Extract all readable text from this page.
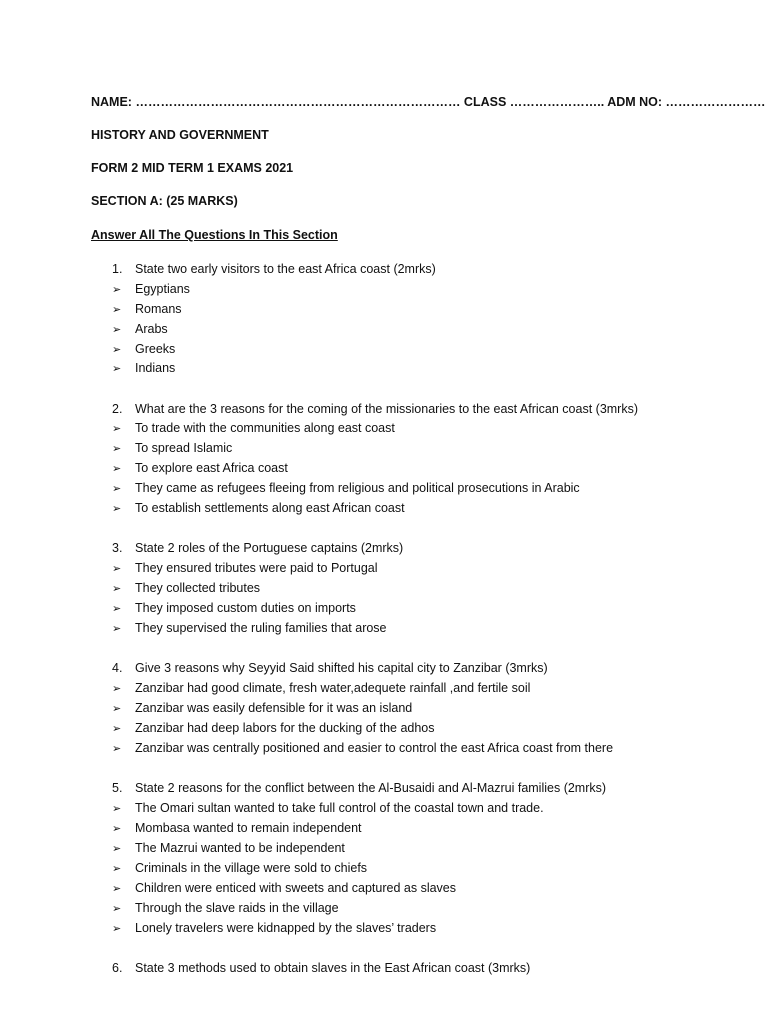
NAME: …………………………………………………………………… CLASS ………………….. ADM NO: ……………………
HISTORY AND GOVERNMENT
FORM 2 MID TERM 1 EXAMS 2021
SECTION A: (25 MARKS)
Answer All The Questions In This Section
1. State two early visitors to the east Africa coast (2mrks)
➢ Egyptians
➢ Romans
➢ Arabs
➢ Greeks
➢ Indians
2. What are the 3 reasons for the coming of the missionaries to the east African coast (3mrks)
➢ To trade with the communities along east coast
➢ To spread Islamic
➢ To explore east Africa coast
➢ They came as refugees fleeing from religious and political prosecutions in Arabic
➢ To establish settlements along east African coast
3. State 2 roles of the Portuguese captains (2mrks)
➢ They ensured tributes were paid to Portugal
➢ They collected tributes
➢ They imposed custom duties on imports
➢ They supervised the ruling families that arose
4. Give 3 reasons why Seyyid Said shifted his capital city to Zanzibar (3mrks)
➢ Zanzibar had good climate, fresh water,adequete rainfall ,and fertile soil
➢ Zanzibar was easily defensible for it was an island
➢ Zanzibar had deep labors for the ducking of the adhos
➢ Zanzibar was centrally positioned and easier to control the east Africa coast from there
5. State 2 reasons for the conflict between the Al-Busaidi and Al-Mazrui families (2mrks)
➢ The Omari sultan wanted to take full control of the coastal town and trade.
➢ Mombasa wanted to remain independent
➢ The Mazrui wanted to be independent
➢ Criminals in the village were sold to chiefs
➢ Children were enticed with sweets and captured as slaves
➢ Through the slave raids in the village
➢ Lonely travelers were kidnapped by the slaves’ traders
6. State 3 methods used to obtain slaves in the East African coast (3mrks)
